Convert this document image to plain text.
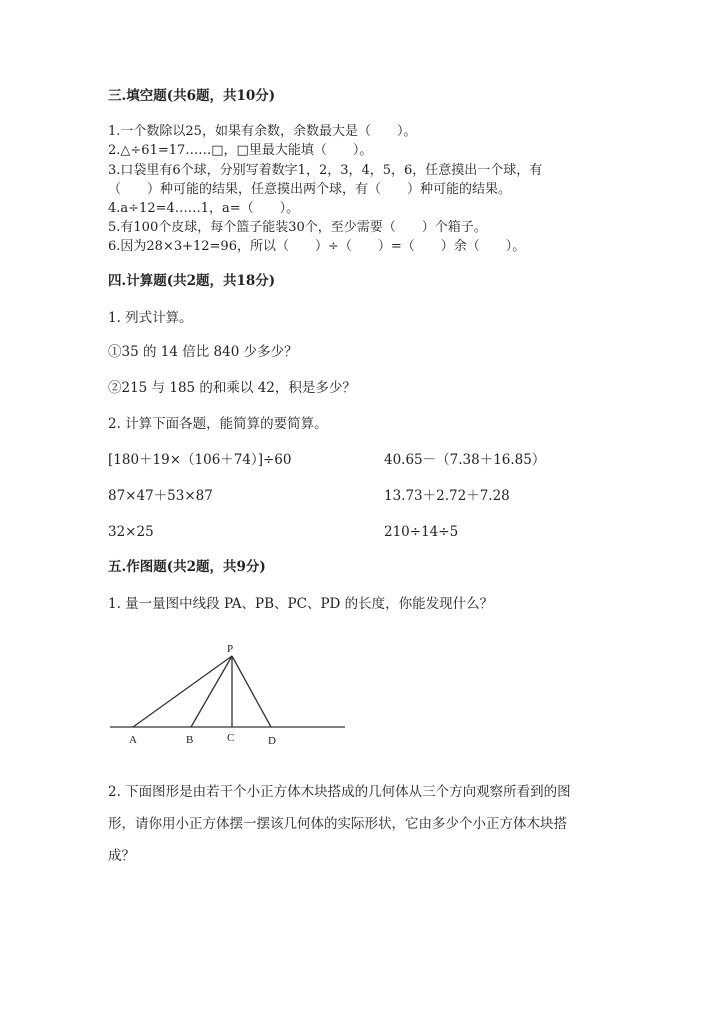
三.填空题(共6题，共10分)
1.一个数除以25，如果有余数，余数最大是（　　）。
2.△÷61=17……□，□里最大能填（　　）。
3.口袋里有6个球，分别写着数字1，2，3，4，5，6，任意摸出一个球，有
（　　）种可能的结果，任意摸出两个球，有（　　）种可能的结果。
4.a÷12=4……1，a=（　　）。
5.有100个皮球，每个篮子能装30个，至少需要（　　）个箱子。
6.因为28×3+12=96，所以（　　）÷（　　）=（　　）余（　　）。
四.计算题(共2题，共18分)
1. 列式计算。
①35 的 14 倍比 840 少多少？
②215 与 185 的和乘以 42，积是多少？
2. 计算下面各题，能简算的要简算。
[180＋19×（106＋74）]÷60	40.65－（7.38＋16.85）
87×47＋53×87	13.73＋2.72＋7.28
32×25	210÷14÷5
五.作图题(共2题，共9分)
1. 量一量图中线段 PA、PB、PC、PD 的长度，你能发现什么？
P
A	B	C	D
2. 下面图形是由若干个小正方体木块搭成的几何体从三个方向观察所看到的图
形，请你用小正方体摆一摆该几何体的实际形状，它由多少个小正方体木块搭
成？
